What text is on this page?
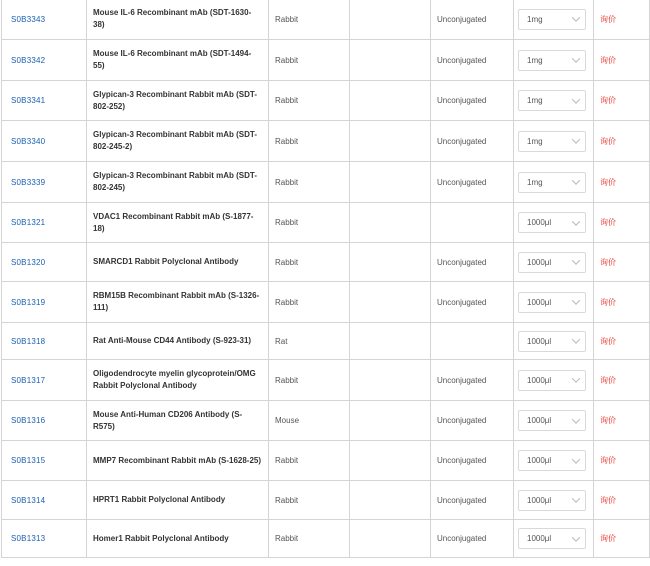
S0B3343	Mouse IL-6 Recombinant mAb (SDT-1630-38)	Rabbit		Unconjugated	1mg	询价
S0B3342	Mouse IL-6 Recombinant mAb (SDT-1494-55)	Rabbit		Unconjugated	1mg	询价
S0B3341	Glypican-3 Recombinant Rabbit mAb (SDT-802-252)	Rabbit		Unconjugated	1mg	询价
S0B3340	Glypican-3 Recombinant Rabbit mAb (SDT-802-245-2)	Rabbit		Unconjugated	1mg	询价
S0B3339	Glypican-3 Recombinant Rabbit mAb (SDT-802-245)	Rabbit		Unconjugated	1mg	询价
S0B1321	VDAC1 Recombinant Rabbit mAb (S-1877-18)	Rabbit			1000μl	询价
S0B1320	SMARCD1 Rabbit Polyclonal Antibody	Rabbit		Unconjugated	1000μl	询价
S0B1319	RBM15B Recombinant Rabbit mAb (S-1326-111)	Rabbit		Unconjugated	1000μl	询价
S0B1318	Rat Anti-Mouse CD44 Antibody (S-923-31)	Rat			1000μl	询价
S0B1317	Oligodendrocyte myelin glycoprotein/OMG Rabbit Polyclonal Antibody	Rabbit		Unconjugated	1000μl	询价
S0B1316	Mouse Anti-Human CD206 Antibody (S-R575)	Mouse		Unconjugated	1000μl	询价
S0B1315	MMP7 Recombinant Rabbit mAb (S-1628-25)	Rabbit		Unconjugated	1000μl	询价
S0B1314	HPRT1 Rabbit Polyclonal Antibody	Rabbit		Unconjugated	1000μl	询价
S0B1313	Homer1 Rabbit Polyclonal Antibody	Rabbit		Unconjugated	1000μl	询价
